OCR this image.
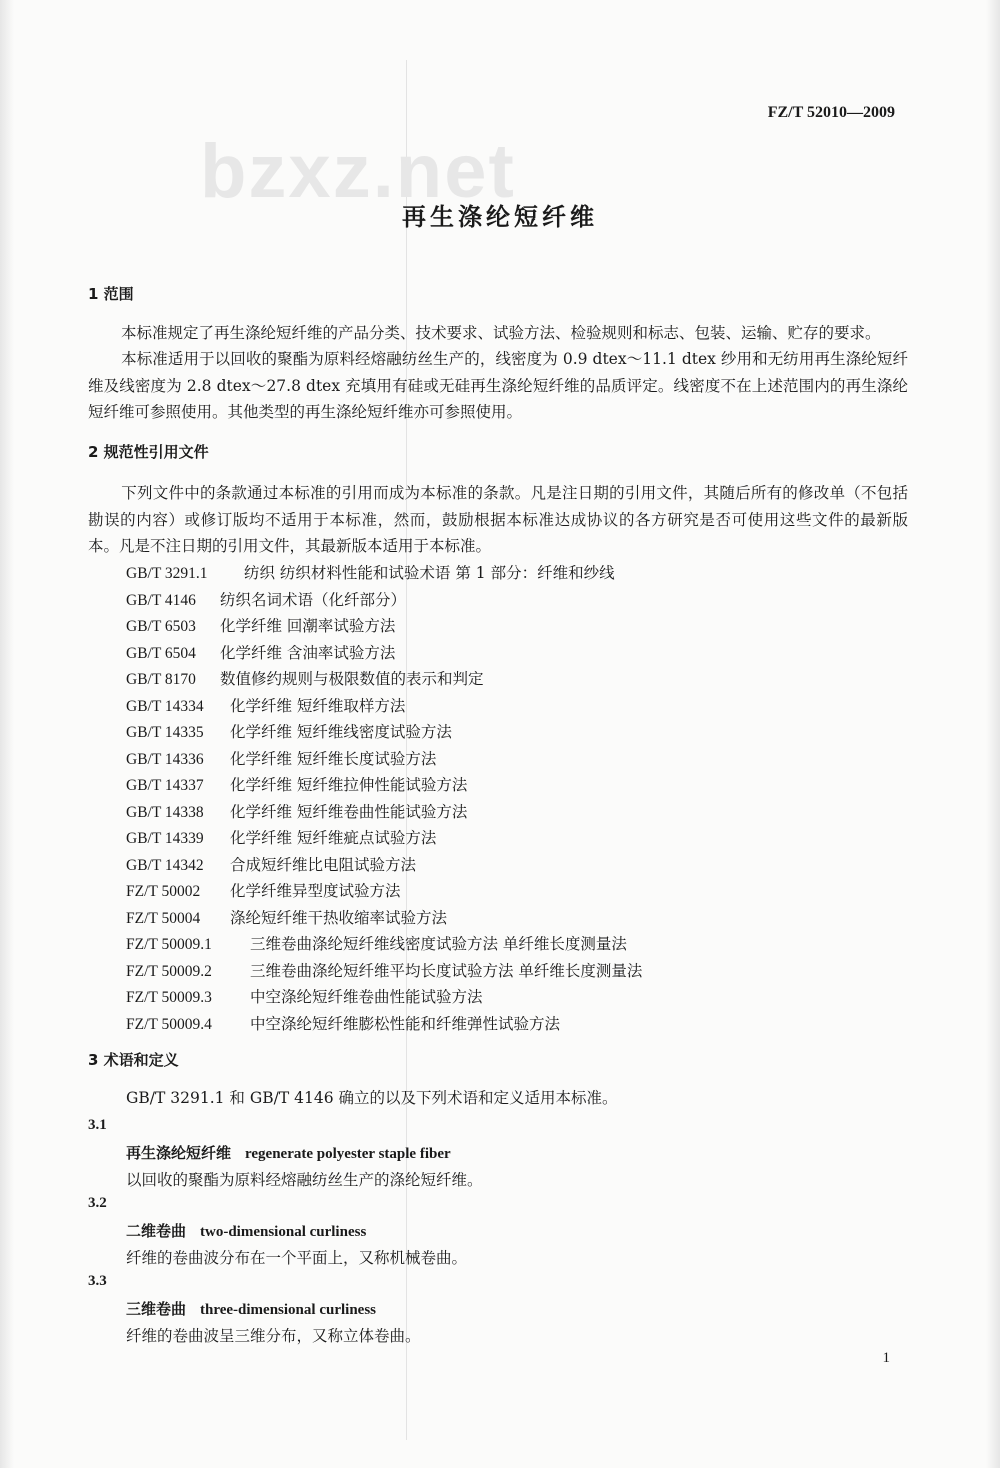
FZ/T 52010—2009
bzxz.net
再生涤纶短纤维
1 范围
本标准规定了再生涤纶短纤维的产品分类、技术要求、试验方法、检验规则和标志、包装、运输、贮存的要求。
本标准适用于以回收的聚酯为原料经熔融纺丝生产的，线密度为 0.9 dtex～11.1 dtex 纱用和无纺用再生涤纶短纤维及线密度为 2.8 dtex～27.8 dtex 充填用有硅或无硅再生涤纶短纤维的品质评定。线密度不在上述范围内的再生涤纶短纤维可参照使用。其他类型的再生涤纶短纤维亦可参照使用。
2 规范性引用文件
下列文件中的条款通过本标准的引用而成为本标准的条款。凡是注日期的引用文件，其随后所有的修改单（不包括勘误的内容）或修订版均不适用于本标准，然而，鼓励根据本标准达成协议的各方研究是否可使用这些文件的最新版本。凡是不注日期的引用文件，其最新版本适用于本标准。
GB/T 3291.1 纺织 纺织材料性能和试验术语 第 1 部分：纤维和纱线
GB/T 4146 纺织名词术语（化纤部分）
GB/T 6503 化学纤维 回潮率试验方法
GB/T 6504 化学纤维 含油率试验方法
GB/T 8170 数值修约规则与极限数值的表示和判定
GB/T 14334 化学纤维 短纤维取样方法
GB/T 14335 化学纤维 短纤维线密度试验方法
GB/T 14336 化学纤维 短纤维长度试验方法
GB/T 14337 化学纤维 短纤维拉伸性能试验方法
GB/T 14338 化学纤维 短纤维卷曲性能试验方法
GB/T 14339 化学纤维 短纤维疵点试验方法
GB/T 14342 合成短纤维比电阻试验方法
FZ/T 50002 化学纤维异型度试验方法
FZ/T 50004 涤纶短纤维干热收缩率试验方法
FZ/T 50009.1 三维卷曲涤纶短纤维线密度试验方法 单纤维长度测量法
FZ/T 50009.2 三维卷曲涤纶短纤维平均长度试验方法 单纤维长度测量法
FZ/T 50009.3 中空涤纶短纤维卷曲性能试验方法
FZ/T 50009.4 中空涤纶短纤维膨松性能和纤维弹性试验方法
3 术语和定义
GB/T 3291.1 和 GB/T 4146 确立的以及下列术语和定义适用本标准。
3.1
再生涤纶短纤维 regenerate polyester staple fiber
以回收的聚酯为原料经熔融纺丝生产的涤纶短纤维。
3.2
二维卷曲 two-dimensional curliness
纤维的卷曲波分布在一个平面上，又称机械卷曲。
3.3
三维卷曲 three-dimensional curliness
纤维的卷曲波呈三维分布，又称立体卷曲。
1
